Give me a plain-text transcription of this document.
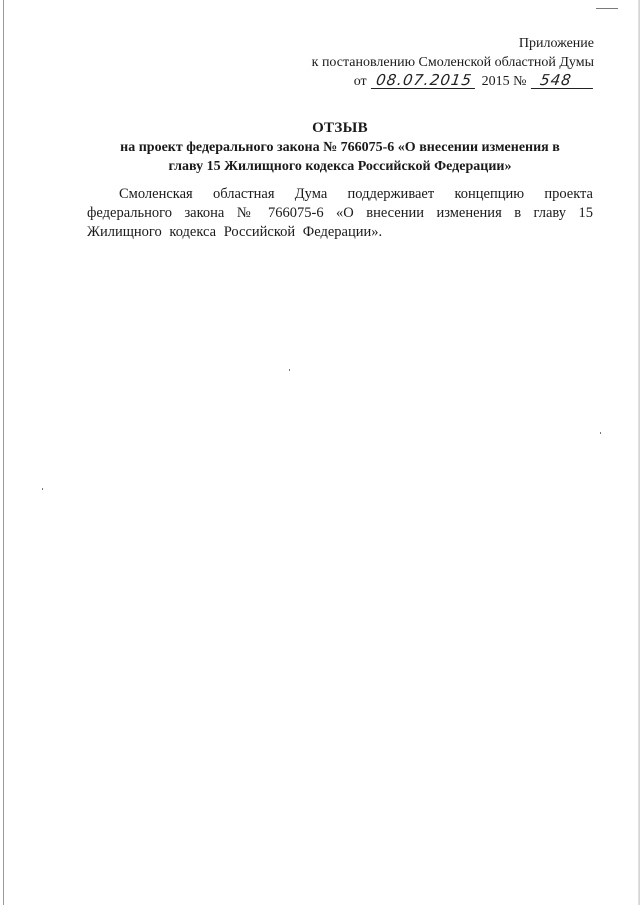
Приложение
к постановлению Смоленской областной Думы
от 08.07.2015 2015 № 548
ОТЗЫВ
на проект федерального закона № 766075-6 «О внесении изменения в
главу 15 Жилищного кодекса Российской Федерации»
Смоленская областная Дума поддерживает концепцию проекта федерального закона № 766075-6 «О внесении изменения в главу 15 Жилищного кодекса Российской Федерации».
